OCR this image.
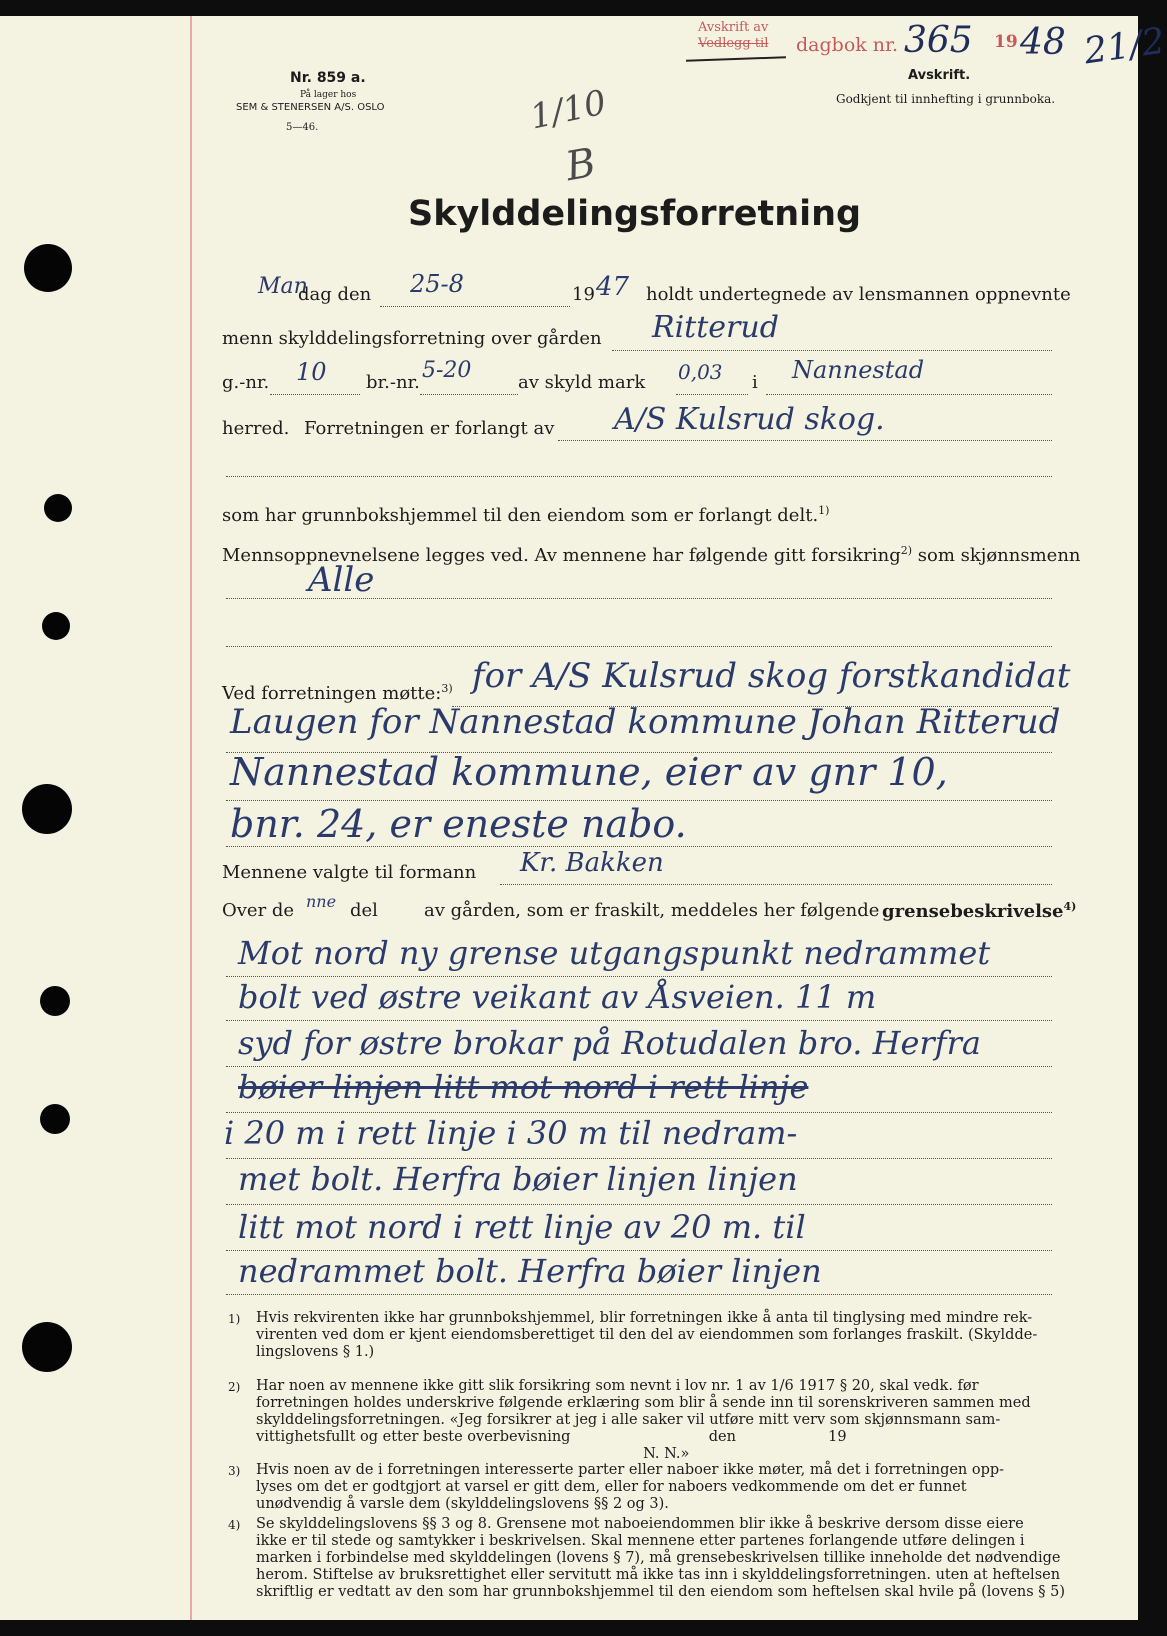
Nr. 859 a.
På lager hos
SEM & STENERSEN A/S. OSLO
5—46.	1/10
B
Avskrift av
Vedlegg til dagbok nr. 365 19 48 21/2
Avskrift.
Godkjent til innhefting i grunnboka.
Skylddelingsforretning
Man
dag den 25-8	19 47 holdt undertegnede av lensmannen oppnevnte
menn skylddelingsforretning over gården Ritterud
g.-nr. 10 br.-nr. 5-20	av skyld mark 0,03 i Nannestad
herred. Forretningen er forlangt av A/S Kulsrud skog.
som har grunnbokshjemmel til den eiendom som er forlangt delt.$^{1)}$
Mennsoppnevnelsene legges ved. Av mennene har følgende gitt forsikring$^{2)}$ som skjønnsmenn
Alle
Ved forretningen møtte:$^{3)}$ for A/S Kulsrud skog forstkandidat
Laugen for Nannestad kommune Johan Ritterud
Nannestad kommune, eier av gnr 10,
bnr. 24, er eneste nabo.
Mennene valgte til formann Kr. Bakken
Over de nne del	av gården, som er fraskilt, meddeles her følgende grensebeskrivelse$^{4)}$
Mot nord ny grense utgangspunkt nedrammet
bolt ved østre veikant av Åsveien. 11 m
syd for østre brokar på Rotudalen bro. Herfra
bøier linjen litt mot nord i rett linje
i 20 m i rett linje i 30 m til nedram-
met bolt. Herfra bøier linjen linjen
litt mot nord i rett linje av 20 m. til
nedrammet bolt. Herfra bøier linjen
1) Hvis rekvirenten ikke har grunnbokshjemmel, blir forretningen ikke å anta til tinglysing med mindre rek-
virenten ved dom er kjent eiendomsberettiget til den del av eiendommen som forlanges fraskilt. (Skyldde-
lingslovens § 1.)
2) Har noen av mennene ikke gitt slik forsikring som nevnt i lov nr. 1 av 1/6 1917 § 20, skal vedk. før
forretningen holdes underskrive følgende erklæring som blir å sende inn til sorenskriveren sammen med
skylddelingsforretningen. «Jeg forsikrer at jeg i alle saker vil utføre mitt verv som skjønnsmann sam-
vittighetsfullt og etter beste overbevisning                              den                    19
N. N.»
3) Hvis noen av de i forretningen interesserte parter eller naboer ikke møter, må det i forretningen opp-
lyses om det er godtgjort at varsel er gitt dem, eller for naboers vedkommende om det er funnet
unødvendig å varsle dem (skylddelingslovens §§ 2 og 3).
4) Se skylddelingslovens §§ 3 og 8. Grensene mot naboeiendommen blir ikke å beskrive dersom disse eiere
ikke er til stede og samtykker i beskrivelsen. Skal mennene etter partenes forlangende utføre delingen i
marken i forbindelse med skylddelingen (lovens § 7), må grensebeskrivelsen tillike inneholde det nødvendige
herom. Stiftelse av bruksrettighet eller servitutt må ikke tas inn i skylddelingsforretningen. uten at heftelsen
skriftlig er vedtatt av den som har grunnbokshjemmel til den eiendom som heftelsen skal hvile på (lovens § 5)
